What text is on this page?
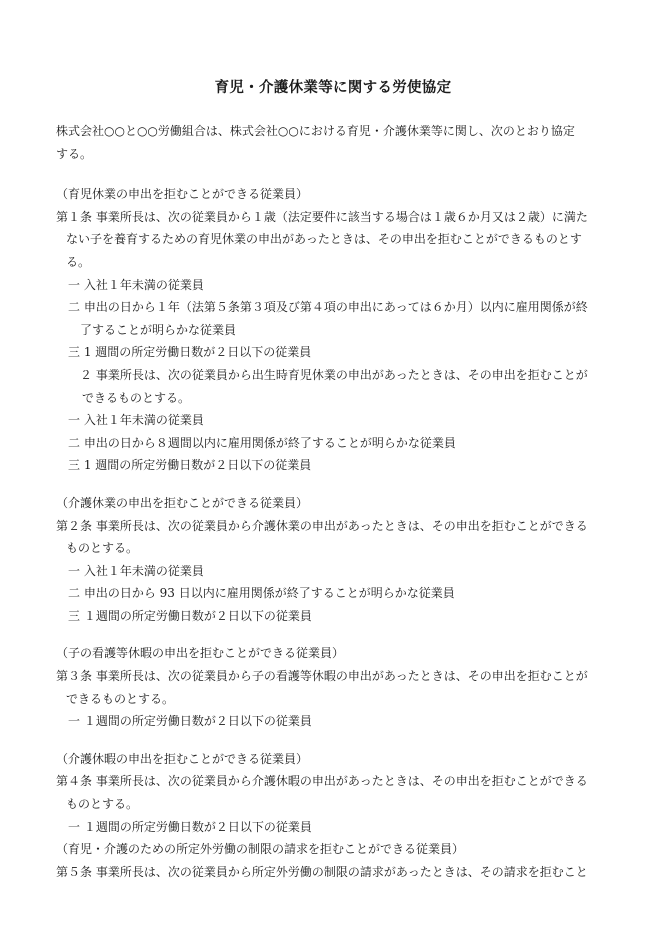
育児・介護休業等に関する労使協定
株式会社○○と○○労働組合は、株式会社○○における育児・介護休業等に関し、次のとおり協定
する。
（育児休業の申出を拒むことができる従業員）
第１条 事業所長は、次の従業員から１歳（法定要件に該当する場合は１歳６か月又は２歳）に満た
ない子を養育するための育児休業の申出があったときは、その申出を拒むことができるものとす
る。
一 入社１年未満の従業員
二 申出の日から１年（法第５条第３項及び第４項の申出にあっては６か月）以内に雇用関係が終
了することが明らかな従業員
三 1 週間の所定労働日数が２日以下の従業員
２ 事業所長は、次の従業員から出生時育児休業の申出があったときは、その申出を拒むことが
できるものとする。
一 入社１年未満の従業員
二 申出の日から８週間以内に雇用関係が終了することが明らかな従業員
三 1 週間の所定労働日数が２日以下の従業員
（介護休業の申出を拒むことができる従業員）
第２条 事業所長は、次の従業員から介護休業の申出があったときは、その申出を拒むことができる
ものとする。
一 入社１年未満の従業員
二 申出の日から 93 日以内に雇用関係が終了することが明らかな従業員
三 １週間の所定労働日数が２日以下の従業員
（子の看護等休暇の申出を拒むことができる従業員）
第３条 事業所長は、次の従業員から子の看護等休暇の申出があったときは、その申出を拒むことが
できるものとする。
一 １週間の所定労働日数が２日以下の従業員
（介護休暇の申出を拒むことができる従業員）
第４条 事業所長は、次の従業員から介護休暇の申出があったときは、その申出を拒むことができる
ものとする。
一 １週間の所定労働日数が２日以下の従業員
（育児・介護のための所定外労働の制限の請求を拒むことができる従業員）
第５条 事業所長は、次の従業員から所定外労働の制限の請求があったときは、その請求を拒むこと
